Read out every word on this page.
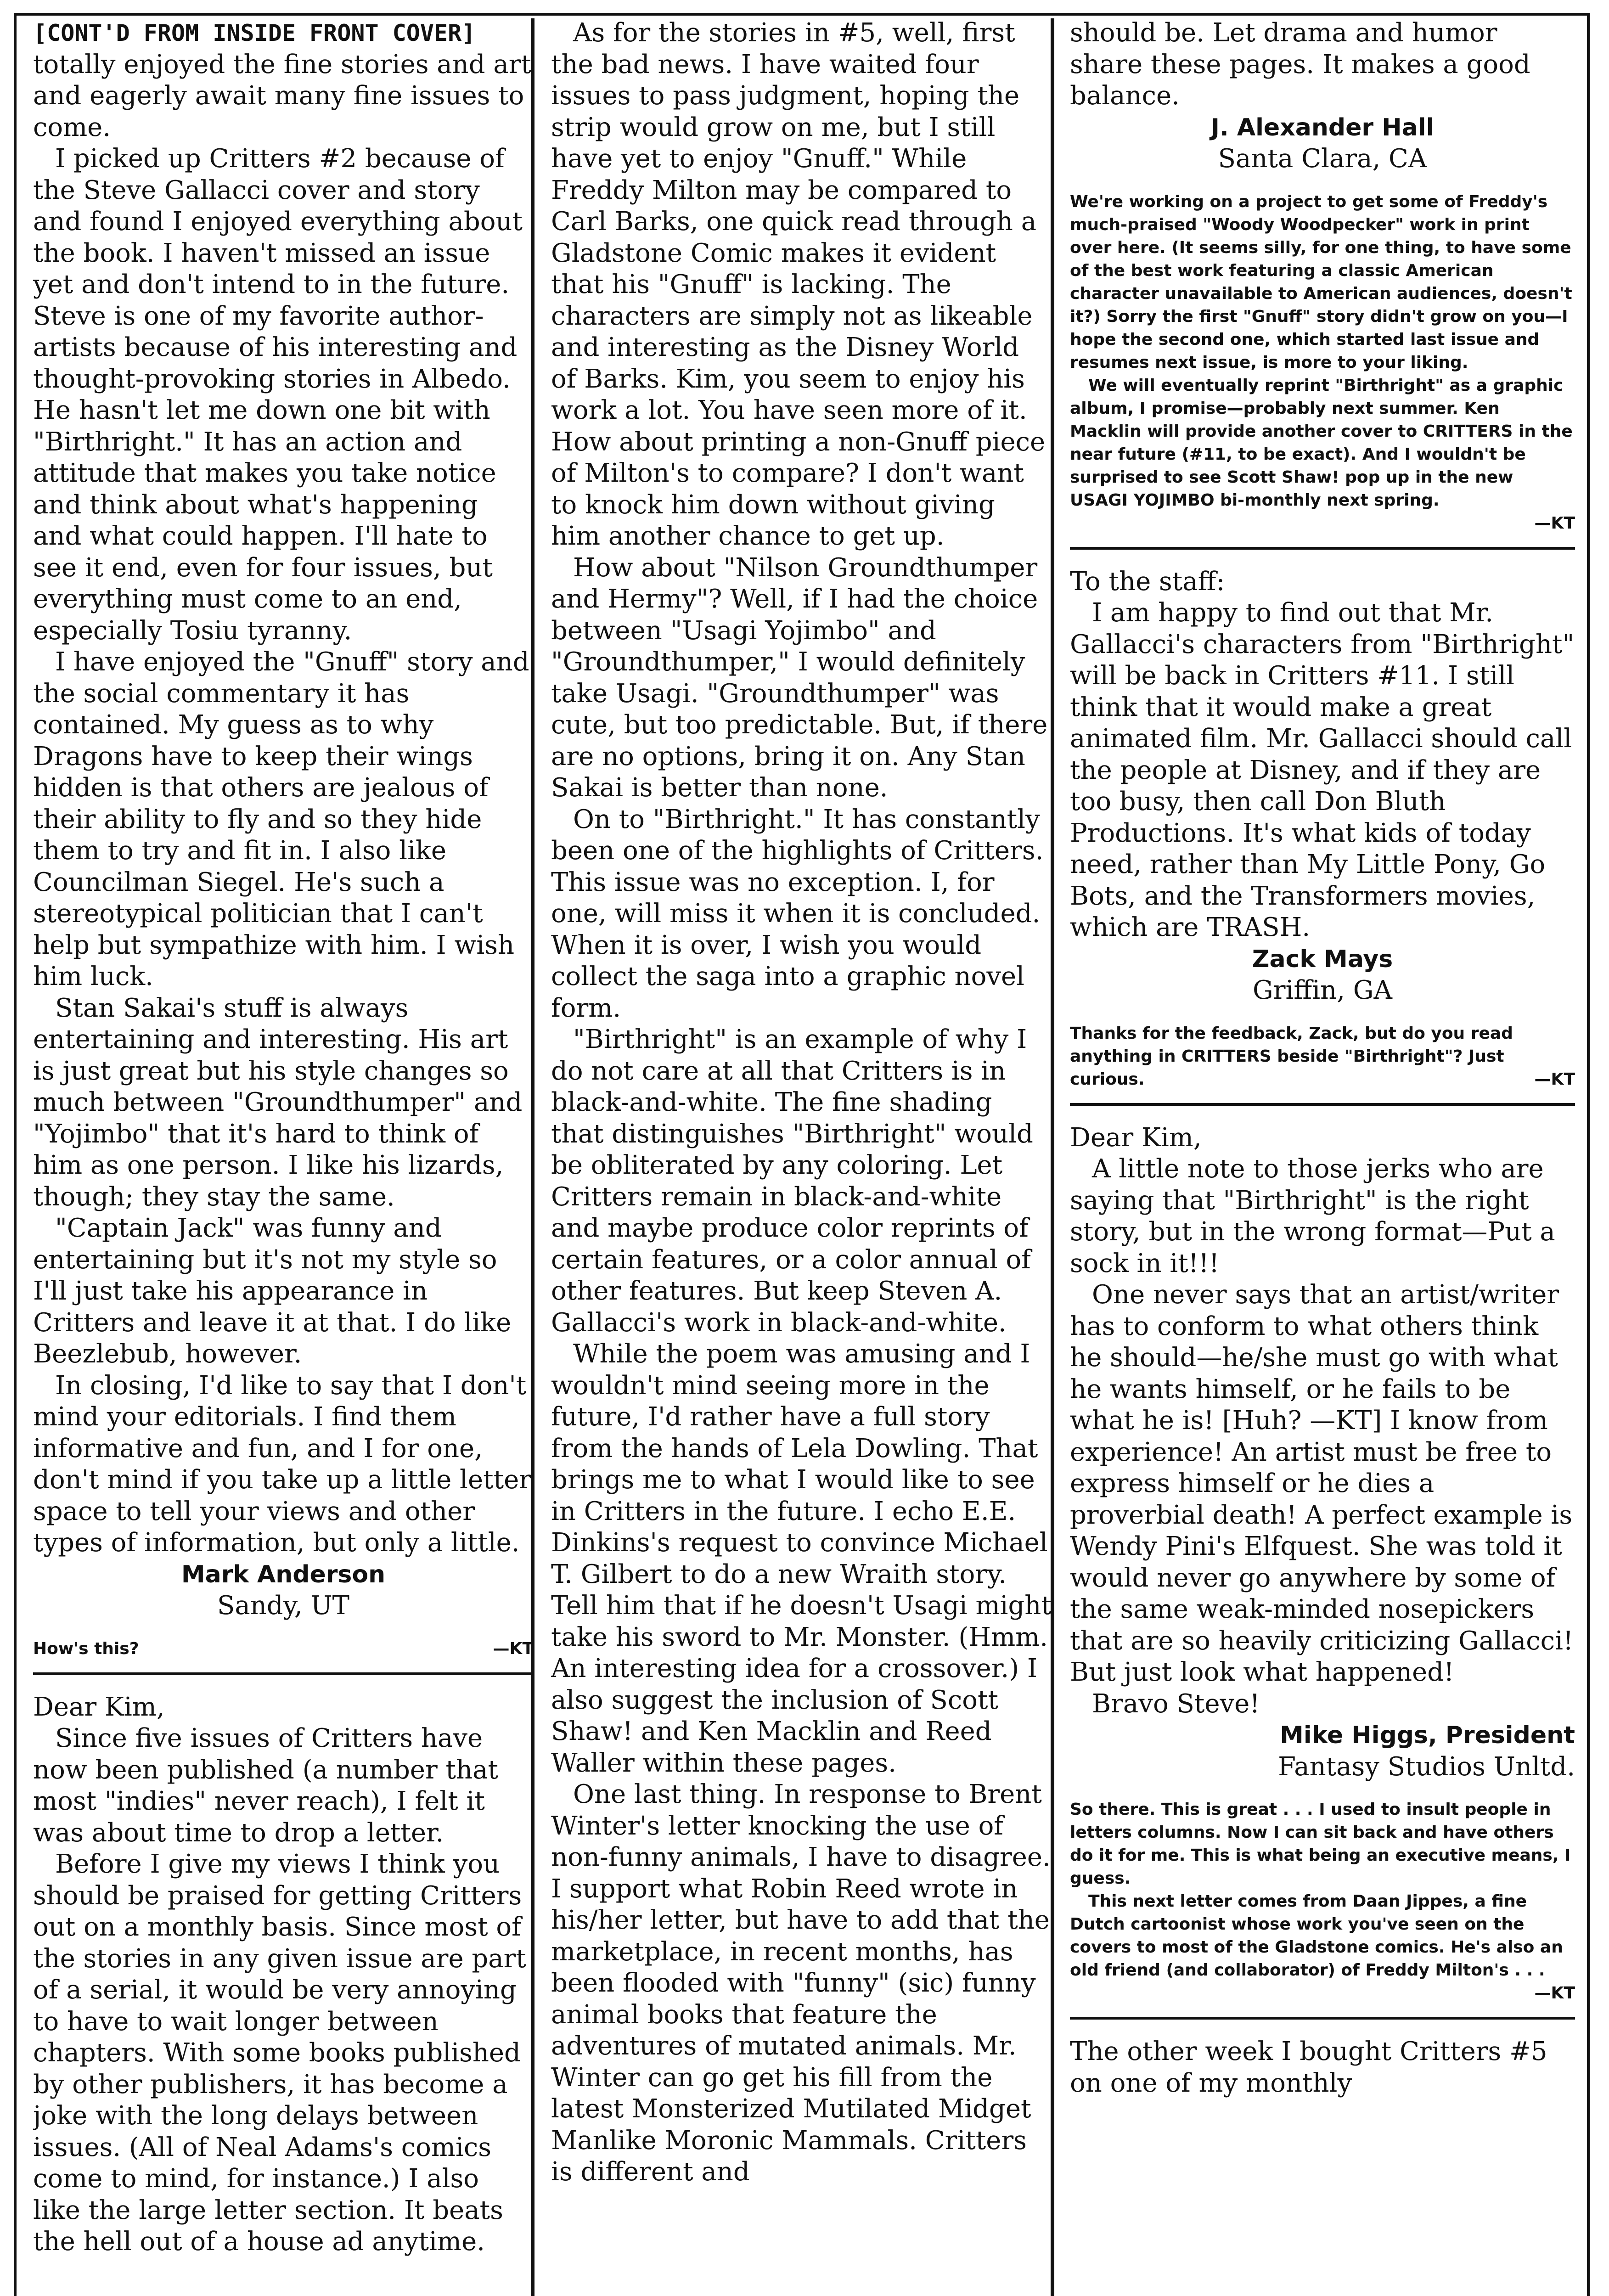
[CONT'D FROM INSIDE FRONT COVER]

totally enjoyed the fine stories and art and eagerly await many fine issues to come.

I picked up Critters #2 because of the Steve Gallacci cover and story and found I enjoyed everything about the book. I haven't missed an issue yet and don't intend to in the future. Steve is one of my favorite author-artists because of his interesting and thought-provoking stories in Albedo. He hasn't let me down one bit with "Birthright." It has an action and attitude that makes you take notice and think about what's happening and what could happen. I'll hate to see it end, even for four issues, but everything must come to an end, especially Tosiu tyranny.

I have enjoyed the "Gnuff" story and the social commentary it has contained. My guess as to why Dragons have to keep their wings hidden is that others are jealous of their ability to fly and so they hide them to try and fit in. I also like Councilman Siegel. He's such a stereotypical politician that I can't help but sympathize with him. I wish him luck.

Stan Sakai's stuff is always entertaining and interesting. His art is just great but his style changes so much between "Groundthumper" and "Yojimbo" that it's hard to think of him as one person. I like his lizards, though; they stay the same.

"Captain Jack" was funny and entertaining but it's not my style so I'll just take his appearance in Critters and leave it at that. I do like Beezlebub, however.

In closing, I'd like to say that I don't mind your editorials. I find them informative and fun, and I for one, don't mind if you take up a little letter space to tell your views and other types of information, but only a little.

Mark Anderson

Sandy, UT

How's this?	—KT

Dear Kim,

Since five issues of Critters have now been published (a number that most "indies" never reach), I felt it was about time to drop a letter.

Before I give my views I think you should be praised for getting Critters out on a monthly basis. Since most of the stories in any given issue are part of a serial, it would be very annoying to have to wait longer between chapters. With some books published by other publishers, it has become a joke with the long delays between issues. (All of Neal Adams's comics come to mind, for instance.) I also like the large letter section. It beats the hell out of a house ad anytime.

As for the stories in #5, well, first the bad news. I have waited four issues to pass judgment, hoping the strip would grow on me, but I still have yet to enjoy "Gnuff." While Freddy Milton may be compared to Carl Barks, one quick read through a Gladstone Comic makes it evident that his "Gnuff" is lacking. The characters are simply not as likeable and interesting as the Disney World of Barks. Kim, you seem to enjoy his work a lot. You have seen more of it. How about printing a non-Gnuff piece of Milton's to compare? I don't want to knock him down without giving him another chance to get up.

How about "Nilson Groundthumper and Hermy"? Well, if I had the choice between "Usagi Yojimbo" and "Groundthumper," I would definitely take Usagi. "Groundthumper" was cute, but too predictable. But, if there are no options, bring it on. Any Stan Sakai is better than none.

On to "Birthright." It has constantly been one of the highlights of Critters. This issue was no exception. I, for one, will miss it when it is concluded. When it is over, I wish you would collect the saga into a graphic novel form.

"Birthright" is an example of why I do not care at all that Critters is in black-and-white. The fine shading that distinguishes "Birthright" would be obliterated by any coloring. Let Critters remain in black-and-white and maybe produce color reprints of certain features, or a color annual of other features. But keep Steven A. Gallacci's work in black-and-white.

While the poem was amusing and I wouldn't mind seeing more in the future, I'd rather have a full story from the hands of Lela Dowling. That brings me to what I would like to see in Critters in the future. I echo E.E. Dinkins's request to convince Michael T. Gilbert to do a new Wraith story. Tell him that if he doesn't Usagi might take his sword to Mr. Monster. (Hmm. An interesting idea for a crossover.) I also suggest the inclusion of Scott Shaw! and Ken Macklin and Reed Waller within these pages.

One last thing. In response to Brent Winter's letter knocking the use of non-funny animals, I have to disagree. I support what Robin Reed wrote in his/her letter, but have to add that the marketplace, in recent months, has been flooded with "funny" (sic) funny animal books that feature the adventures of mutated animals. Mr. Winter can go get his fill from the latest Monsterized Mutilated Midget Manlike Moronic Mammals. Critters is different and

should be. Let drama and humor share these pages. It makes a good balance.

J. Alexander Hall

Santa Clara, CA

We're working on a project to get some of Freddy's much-praised "Woody Woodpecker" work in print over here. (It seems silly, for one thing, to have some of the best work featuring a classic American character unavailable to American audiences, doesn't it?) Sorry the first "Gnuff" story didn't grow on you—I hope the second one, which started last issue and resumes next issue, is more to your liking.

We will eventually reprint "Birthright" as a graphic album, I promise—probably next summer. Ken Macklin will provide another cover to CRITTERS in the near future (#11, to be exact). And I wouldn't be surprised to see Scott Shaw! pop up in the new USAGI YOJIMBO bi-monthly next spring.

—KT

To the staff:

I am happy to find out that Mr. Gallacci's characters from "Birthright" will be back in Critters #11. I still think that it would make a great animated film. Mr. Gallacci should call the people at Disney, and if they are too busy, then call Don Bluth Productions. It's what kids of today need, rather than My Little Pony, Go Bots, and the Transformers movies, which are TRASH.

Zack Mays

Griffin, GA

Thanks for the feedback, Zack, but do you read anything in CRITTERS beside "Birthright"? Just curious.	—KT

Dear Kim,

A little note to those jerks who are saying that "Birthright" is the right story, but in the wrong format—Put a sock in it!!!

One never says that an artist/writer has to conform to what others think he should—he/she must go with what he wants himself, or he fails to be what he is! [Huh? —KT] I know from experience! An artist must be free to express himself or he dies a proverbial death! A perfect example is Wendy Pini's Elfquest. She was told it would never go anywhere by some of the same weak-minded nosepickers that are so heavily criticizing Gallacci! But just look what happened!

Bravo Steve!

Mike Higgs, President

Fantasy Studios Unltd.

So there. This is great . . . I used to insult people in letters columns. Now I can sit back and have others do it for me. This is what being an executive means, I guess.

This next letter comes from Daan Jippes, a fine Dutch cartoonist whose work you've seen on the covers to most of the Gladstone comics. He's also an old friend (and collaborator) of Freddy Milton's . . .

—KT

The other week I bought Critters #5 on one of my monthly
